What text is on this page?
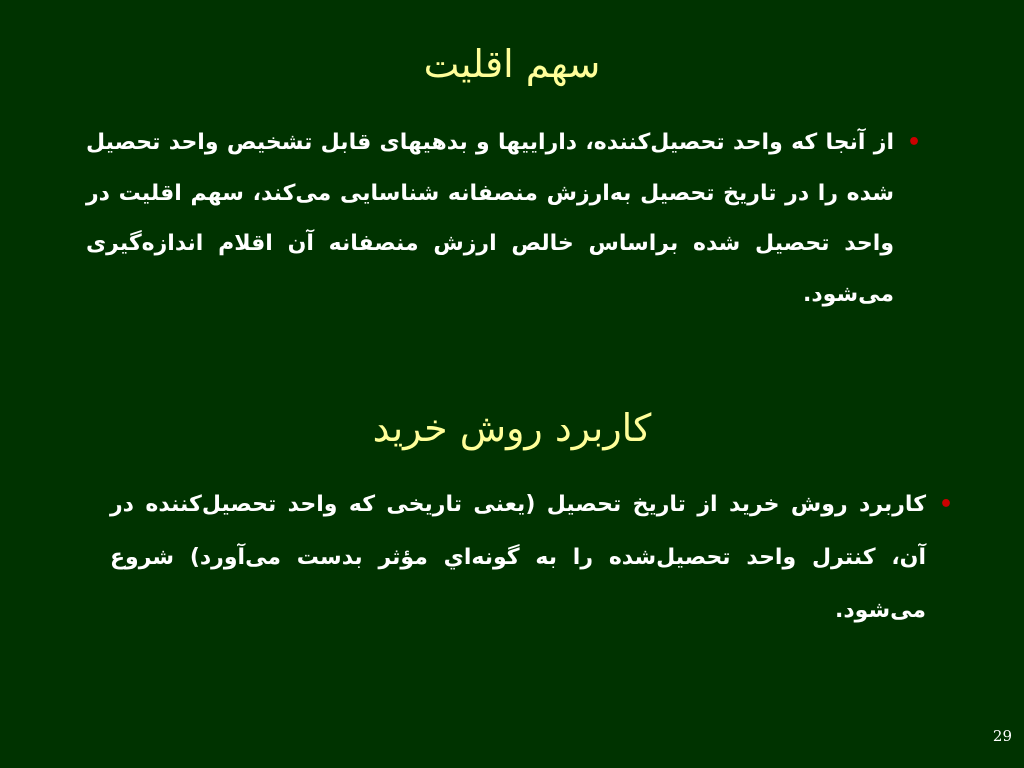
سهم اقلیت
•
از آنجا كه واحد تحصیل‌كننده، داراییها و بدهیهای قابل تشخیص واحد تحصیل شده را در تاریخ تحصیل به‌ارزش منصفانه شناسایی می‌كند، سهم اقلیت در واحد تحصیل شده براساس خالص ارزش منصفانه آن اقلام اندازه‌گیری می‌شود.
كاربرد روش خرید
•
كاربرد روش خرید از تاریخ تحصیل (یعنی تاریخی كه واحد تحصیل‌كننده در آن، كنترل واحد تحصیل‌شده را به گونه‌اي مؤثر بدست می‌آورد) شروع می‌شود.
29
